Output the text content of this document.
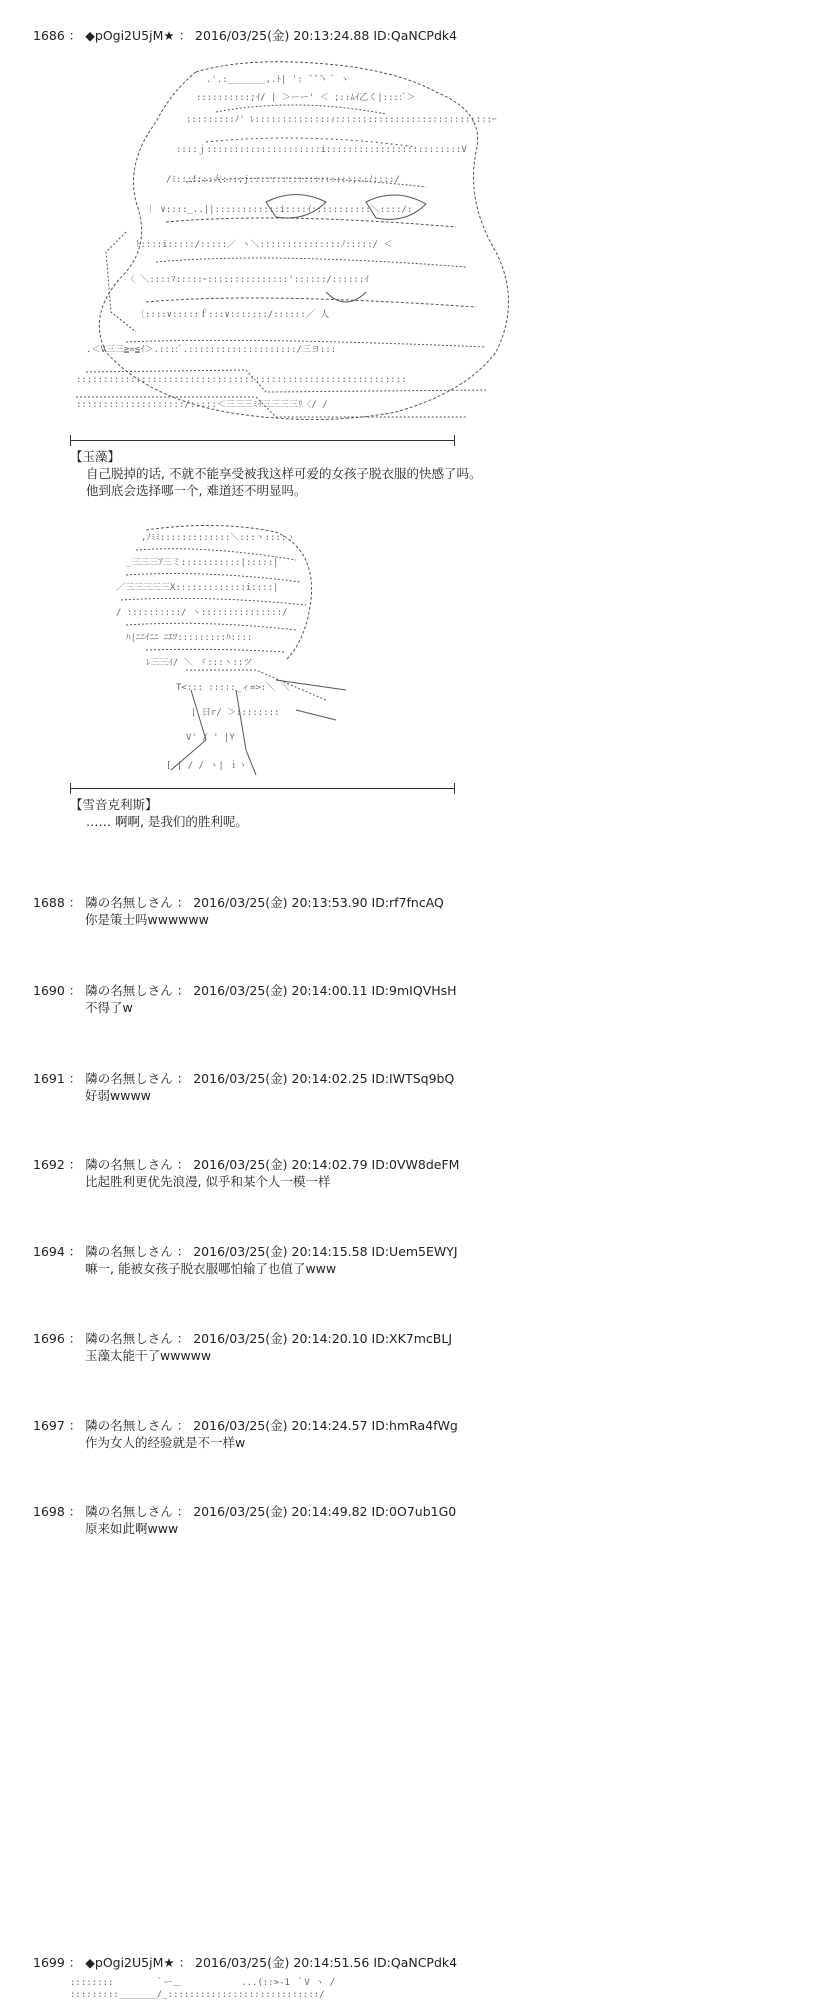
1686 ： ◆pOgi2U5jM★ ： 2016/03/25(金) 20:13:24.88 ID:QaNCPdk4
.'.:_______,.ﾄ| ': ̄ ̄ ̄ヽ ﾞ ヽ
::::::::::;ｲ/ | ＞ーー' ＜ ;::ﾑｲ乙く|::::ﾞ＞
:::::::::ﾉ' ﾚ::::::::::::::ｨ:::::::::::::::::::::::::::::ｰ
::::ｊ:::::::::::::::::::::i:::::::::::::::::::::::::V
/ﾐ:::ﾁ:::大:::;j:::::::::::::::::::;::ﾉ::::/
｜ ∨::::_..||::::::::::::i::::ｲ:::::::::::＼::::/:
ﾄ::::i:::::/:::::／ ヽ＼:::::::::::::::ﾉ:::::/ ＜
〈 ＼::::ﾏ:::::ｰ:::::::::::::::'::::::/::::::ｲ
〔::::∨:::::ｆ:::∨:::::::/::::::／ 人
.＜V三三≧=≦ｲ＞.::::ﾟ.::::::::::::::::::::/三ヨ:::
:::::::::::::::::::::::::::::::::::::::::::::::::::::::::::::
::::::::::::::::::::/:::::＜三三三ﾐｲ三三三三ﾘ〈/ /
【玉藻】
自己脱掉的话, 不就不能享受被我这样可爱的女孩子脱衣服的快感了吗。
他到底会选择哪一个, 难道还不明显吗。
,ﾉﾐﾐ:::::::::::::＼:::ヽ::::ヽ
_三三三ｱ三ミ:::::::::::|:::::|
／三三三三三X:::::::::::::i::::|
/ ::::::::::/ ヽ:::::::::::::::/
ﾊ|ﾆﾆｲﾆﾆ ﾆｴﾂ:::::::::ﾊ::::
ﾚ三三ｲ/ ＼ ヾ:::ヽ::ツ
T<::: :::::_ィ=>:＼ ＼
| 日r/ ＞::::::::
V' / ' |Y
[.| / / ヽ| ｉヽ
【雪音克利斯】
…… 啊啊, 是我们的胜利呢。
1688 ： 隣の名無しさん ： 2016/03/25(金) 20:13:53.90 ID:rf7fncAQ
你是策士吗wwwwww
1690 ： 隣の名無しさん ： 2016/03/25(金) 20:14:00.11 ID:9mIQVHsH
不得了w
1691 ： 隣の名無しさん ： 2016/03/25(金) 20:14:02.25 ID:IWTSq9bQ
好弱wwww
1692 ： 隣の名無しさん ： 2016/03/25(金) 20:14:02.79 ID:0VW8deFM
比起胜利更优先浪漫, 似乎和某个人一模一样
1694 ： 隣の名無しさん ： 2016/03/25(金) 20:14:15.58 ID:Uem5EWYJ
嘛一, 能被女孩子脱衣服哪怕输了也值了www
1696 ： 隣の名無しさん ： 2016/03/25(金) 20:14:20.10 ID:XK7mcBLJ
玉藻太能干了wwwww
1697 ： 隣の名無しさん ： 2016/03/25(金) 20:14:24.57 ID:hmRa4fWg
作为女人的经验就是不一样w
1698 ： 隣の名無しさん ： 2016/03/25(金) 20:14:49.82 ID:0O7ub1G0
原来如此啊www
1699 ： ◆pOgi2U5jM★ ： 2016/03/25(金) 20:14:51.56 ID:QaNCPdk4
::::::::　　　　 ｀ー＿　　　　　　 ...(::>-1 ｀V ヽ /
:::::::::_______/_::::::::::::::::::::::::::::/
